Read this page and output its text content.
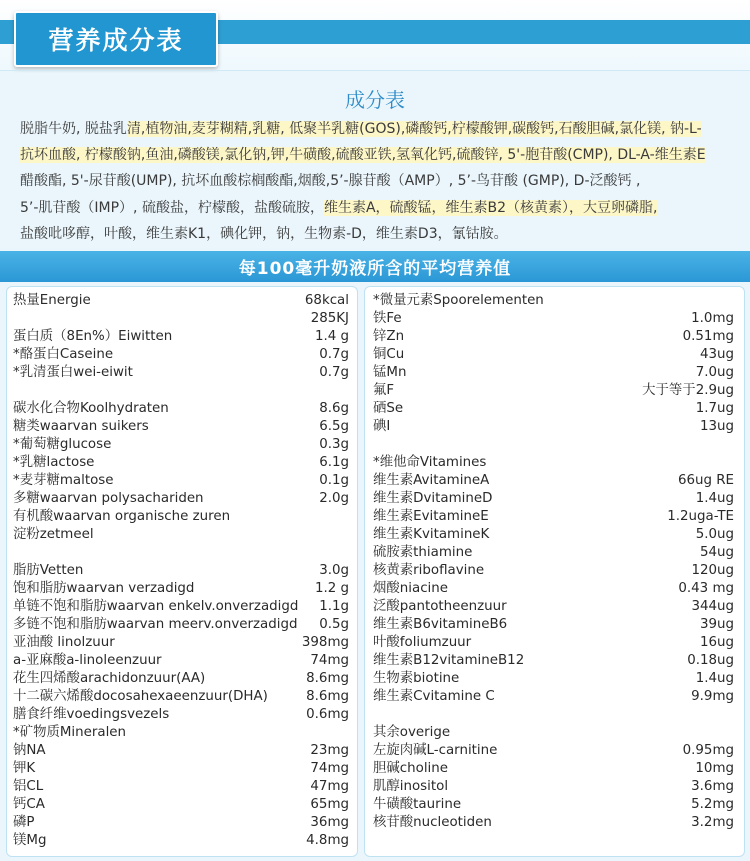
营养成分表
成分表
脱脂牛奶, 脱盐乳清,植物油,麦芽糊精,乳糖, 低聚半乳糖(GOS),磷酸钙,柠檬酸钾,碳酸钙,石酸胆碱,氯化镁, 钠-L-
抗坏血酸, 柠檬酸钠,鱼油,磷酸镁,氯化钠,钾,牛磺酸,硫酸亚铁,氢氧化钙,硫酸锌, 5'-胞苷酸(CMP), DL-A-维生素E
醋酸酯, 5'-尿苷酸(UMP), 抗坏血酸棕榈酸酯,烟酸,5’-腺苷酸（AMP）, 5’-鸟苷酸 (GMP), D-泛酸钙 ,
5’-肌苷酸（IMP）, 硫酸盐，柠檬酸，盐酸硫胺，维生素A，硫酸锰，维生素B2（核黄素），大豆卵磷脂,
盐酸吡哆醇，叶酸，维生素K1，碘化钾，钠，生物素-D，维生素D3，氰钴胺。
每100毫升奶液所含的平均营养值
热量Energie	68kcal
285KJ
蛋白质（8En%）Eiwitten	1.4 g
*酪蛋白Caseine	0.7g
*乳清蛋白wei-eiwit	0.7g
碳水化合物Koolhydraten	8.6g
糖类waarvan suikers	6.5g
*葡萄糖glucose	0.3g
*乳糖lactose	6.1g
*麦芽糖maltose	0.1g
多糖waarvan polysachariden	2.0g
有机酸waarvan organische zuren
淀粉zetmeel
脂肪Vetten	3.0g
饱和脂肪waarvan verzadigd	1.2 g
单链不饱和脂肪waarvan enkelv.onverzadigd 1.1g
多链不饱和脂肪waarvan meerv.onverzadigd 0.5g
亚油酸 linolzuur	398mg
a-亚麻酸a-linoleenzuur	74mg
花生四烯酸arachidonzuur(AA)	8.6mg
十二碳六烯酸docosahexaeenzuur(DHA)	8.6mg
膳食纤维voedingsvezels	0.6mg
*矿物质Mineralen
钠NA	23mg
钾K	74mg
铝CL	47mg
钙CA	65mg
磷P	36mg
镁Mg	4.8mg
*微量元素Spoorelementen
铁Fe	1.0mg
锌Zn	0.51mg
铜Cu	43ug
锰Mn	7.0ug
氟F	大于等于2.9ug
硒Se	1.7ug
碘I	13ug
*维他命Vitamines
维生素AvitamineA	66ug RE
维生素DvitamineD	1.4ug
维生素EvitamineE	1.2uga-TE
维生素KvitamineK	5.0ug
硫胺素thiamine	54ug
核黄素riboflavine	120ug
烟酸niacine	0.43 mg
泛酸pantotheenzuur	344ug
维生素B6vitamineB6	39ug
叶酸foliumzuur	16ug
维生素B12vitamineB12	0.18ug
生物素biotine	1.4ug
维生素Cvitamine C	9.9mg
其余overige
左旋肉碱L-carnitine	0.95mg
胆碱choline	10mg
肌醇inositol	3.6mg
牛磺酸taurine	5.2mg
核苷酸nucleotiden	3.2mg
